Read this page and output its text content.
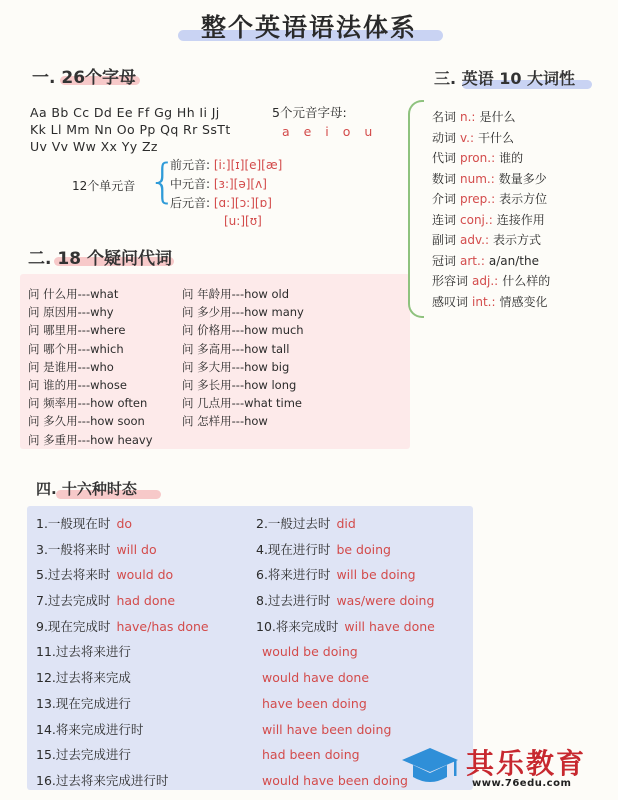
整个英语语法体系
一. 26个字母
Aa Bb Cc Dd Ee Ff Gg Hh Ii Jj
Kk Ll Mm Nn Oo Pp Qq Rr SsTt
Uv Vv Ww Xx Yy Zz
5个元音字母:
a e i o u
12个单元音 {
前元音: [i:][ɪ][e][æ]
中元音: [ɜ:][ə][ʌ]
后元音: [ɑ:][ɔ:][ɒ]
[u:][ʊ]
二. 18 个疑问代词
问 什么用---what
问 原因用---why
问 哪里用---where
问 哪个用---which
问 是谁用---who
问 谁的用---whose
问 频率用---how often
问 多久用---how soon
问 多重用---how heavy
问 年龄用---how old
问 多少用---how many
问 价格用---how much
问 多高用---how tall
问 多大用---how big
问 多长用---how long
问 几点用---what time
问 怎样用---how
三. 英语 10 大词性
名词 n.: 是什么
动词 v.: 干什么
代词 pron.: 谁的
数词 num.: 数量多少
介词 prep.: 表示方位
连词 conj.: 连接作用
副词 adv.: 表示方式
冠词 art.: a/an/the
形容词 adj.: 什么样的
感叹词 int.: 情感变化
四. 十六种时态
1.一般现在时 do
3.一般将来时 will do
5.过去将来时 would do
7.过去完成时 had done
9.现在完成时 have/has done
11.过去将来进行
12.过去将来完成
13.现在完成进行
14.将来完成进行时
15.过去完成进行
16.过去将来完成进行时
2.一般过去时 did
4.现在进行时 be doing
6.将来进行时 will be doing
8.过去进行时 was/were doing
10.将来完成时 will have done
would be doing
would have done
have been doing
will have been doing
had been doing
would have been doing
其乐教育
www.76edu.com
